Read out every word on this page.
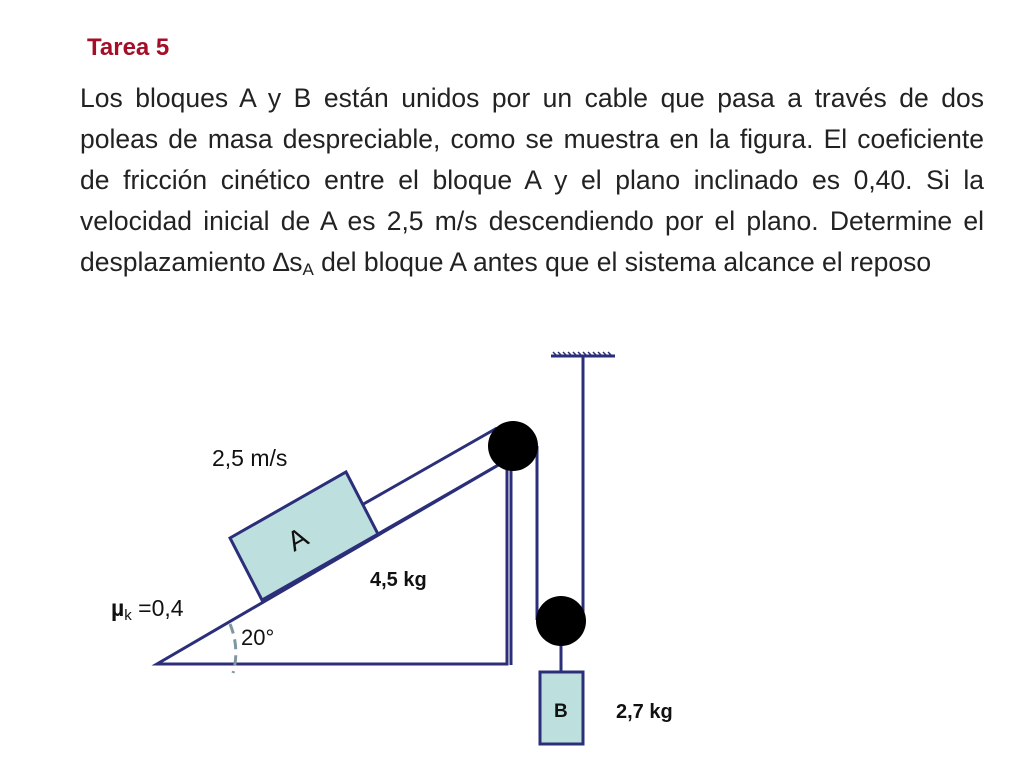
Tarea 5
Los bloques A y B están unidos por un cable que pasa a través de dos poleas de masa despreciable, como se muestra en la figura. El coeficiente de fricción cinético entre el bloque A y el plano inclinado es 0,40. Si la velocidad inicial de A es 2,5 m/s descendiendo por el plano. Determine el desplazamiento $\Delta s_A$ del bloque A antes que el sistema alcance el reposo
2,5 m/s
A
4,5 kg
µk =0,4
20°
B 2,7 kg
